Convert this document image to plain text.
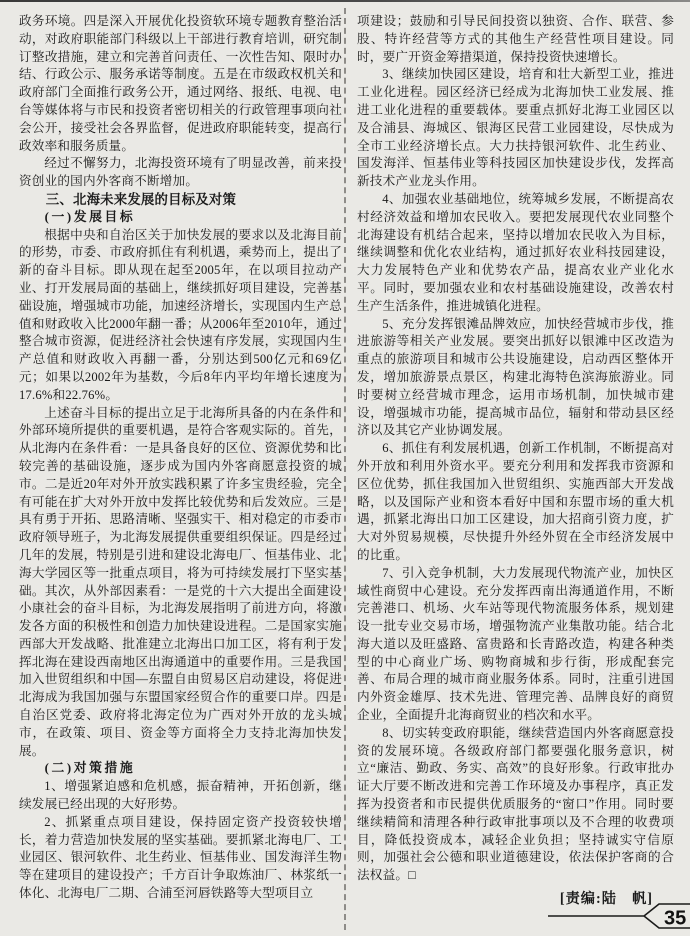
政务环境。四是深入开展优化投资软环境专题教育整治活动，对政府职能部门科级以上干部进行教育培训，研究制订整改措施，建立和完善首问责任、一次性告知、限时办结、行政公示、服务承诺等制度。五是在市级政权机关和政府部门全面推行政务公开，通过网络、报纸、电视、电台等媒体将与市民和投资者密切相关的行政管理事项向社会公开，接受社会各界监督，促进政府职能转变，提高行政效率和服务质量。

经过不懈努力，北海投资环境有了明显改善，前来投资创业的国内外客商不断增加。

三、北海未来发展的目标及对策

(一)发展目标

根据中央和自治区关于加快发展的要求以及北海目前的形势，市委、市政府抓住有利机遇，乘势而上，提出了新的奋斗目标。即从现在起至2005年，在以项目拉动产业、打开发展局面的基础上，继续抓好项目建设，完善基础设施，增强城市功能，加速经济增长，实现国内生产总值和财政收入比2000年翻一番；从2006年至2010年，通过整合城市资源，促进经济社会快速有序发展，实现国内生产总值和财政收入再翻一番，分别达到500亿元和69亿元；如果以2002年为基数，今后8年内平均年增长速度为17.6%和22.76%。

上述奋斗目标的提出立足于北海所具备的内在条件和外部环境所提供的重要机遇，是符合客观实际的。首先，从北海内在条件看：一是具备良好的区位、资源优势和比较完善的基础设施，逐步成为国内外客商愿意投资的城市。二是近20年对外开放实践积累了许多宝贵经验，完全有可能在扩大对外开放中发挥比较优势和后发效应。三是具有勇于开拓、思路清晰、坚强实干、相对稳定的市委市政府领导班子，为北海发展提供重要组织保证。四是经过几年的发展，特别是引进和建设北海电厂、恒基伟业、北海大学园区等一批重点项目，将为可持续发展打下坚实基础。其次，从外部因素看：一是党的十六大提出全面建设小康社会的奋斗目标，为北海发展指明了前进方向，将激发各方面的积极性和创造力加快建设进程。二是国家实施西部大开发战略、批准建立北海出口加工区，将有利于发挥北海在建设西南地区出海通道中的重要作用。三是我国加入世贸组织和中国—东盟自由贸易区启动建设，将促进北海成为我国加强与东盟国家经贸合作的重要口岸。四是自治区党委、政府将北海定位为广西对外开放的龙头城市，在政策、项目、资金等方面将全力支持北海加快发展。

(二)对策措施

1、增强紧迫感和危机感，振奋精神，开拓创新，继续发展已经出现的大好形势。

2、抓紧重点项目建设，保持固定资产投资较快增长，着力营造加快发展的坚实基础。要抓紧北海电厂、工业园区、银河软件、北生药业、恒基伟业、国发海洋生物等在建项目的建设投产；千方百计争取炼油厂、林浆纸一体化、北海电厂二期、合浦至河唇铁路等大型项目立

项建设；鼓励和引导民间投资以独资、合作、联营、参股、特许经营等方式的其他生产经营性项目建设。同时，要广开资金筹措渠道，保持投资快速增长。

3、继续加快园区建设，培育和壮大新型工业，推进工业化进程。园区经济已经成为北海加快工业发展、推进工业化进程的重要载体。要重点抓好北海工业园区以及合浦县、海城区、银海区民营工业园建设，尽快成为全市工业经济增长点。大力扶持银河软件、北生药业、国发海洋、恒基伟业等科技园区加快建设步伐，发挥高新技术产业龙头作用。

4、加强农业基础地位，统筹城乡发展，不断提高农村经济效益和增加农民收入。要把发展现代农业同整个北海建设有机结合起来，坚持以增加农民收入为目标，继续调整和优化农业结构，通过抓好农业科技园建设，大力发展特色产业和优势农产品，提高农业产业化水平。同时，要加强农业和农村基础设施建设，改善农村生产生活条件，推进城镇化进程。

5、充分发挥银滩品牌效应，加快经营城市步伐，推进旅游等相关产业发展。要突出抓好以银滩中区改造为重点的旅游项目和城市公共设施建设，启动西区整体开发，增加旅游景点景区，构建北海特色滨海旅游业。同时要树立经营城市理念，运用市场机制，加快城市建设，增强城市功能，提高城市品位，辐射和带动县区经济以及其它产业协调发展。

6、抓住有利发展机遇，创新工作机制，不断提高对外开放和利用外资水平。要充分利用和发挥我市资源和区位优势，抓住我国加入世贸组织、实施西部大开发战略，以及国际产业和资本看好中国和东盟市场的重大机遇，抓紧北海出口加工区建设，加大招商引资力度，扩大对外贸易规模，尽快提升外经外贸在全市经济发展中的比重。

7、引入竞争机制，大力发展现代物流产业，加快区域性商贸中心建设。充分发挥西南出海通道作用，不断完善港口、机场、火车站等现代物流服务体系，规划建设一批专业交易市场，增强物流产业集散功能。结合北海大道以及旺盛路、富贵路和长青路改造，构建各种类型的中心商业广场、购物商城和步行街，形成配套完善、布局合理的城市商业服务体系。同时，注重引进国内外资金雄厚、技术先进、管理完善、品牌良好的商贸企业，全面提升北海商贸业的档次和水平。

8、切实转变政府职能，继续营造国内外客商愿意投资的发展环境。各级政府部门都要强化服务意识，树立“廉洁、勤政、务实、高效”的良好形象。行政审批办证大厅要不断改进和完善工作环境及办事程序，真正发挥为投资者和市民提供优质服务的“窗口”作用。同时要继续精简和清理各种行政审批事项以及不合理的收费项目，降低投资成本，减轻企业负担；坚持诚实守信原则，加强社会公德和职业道德建设，依法保护客商的合法权益。□

[责编:陆　帆]
35
